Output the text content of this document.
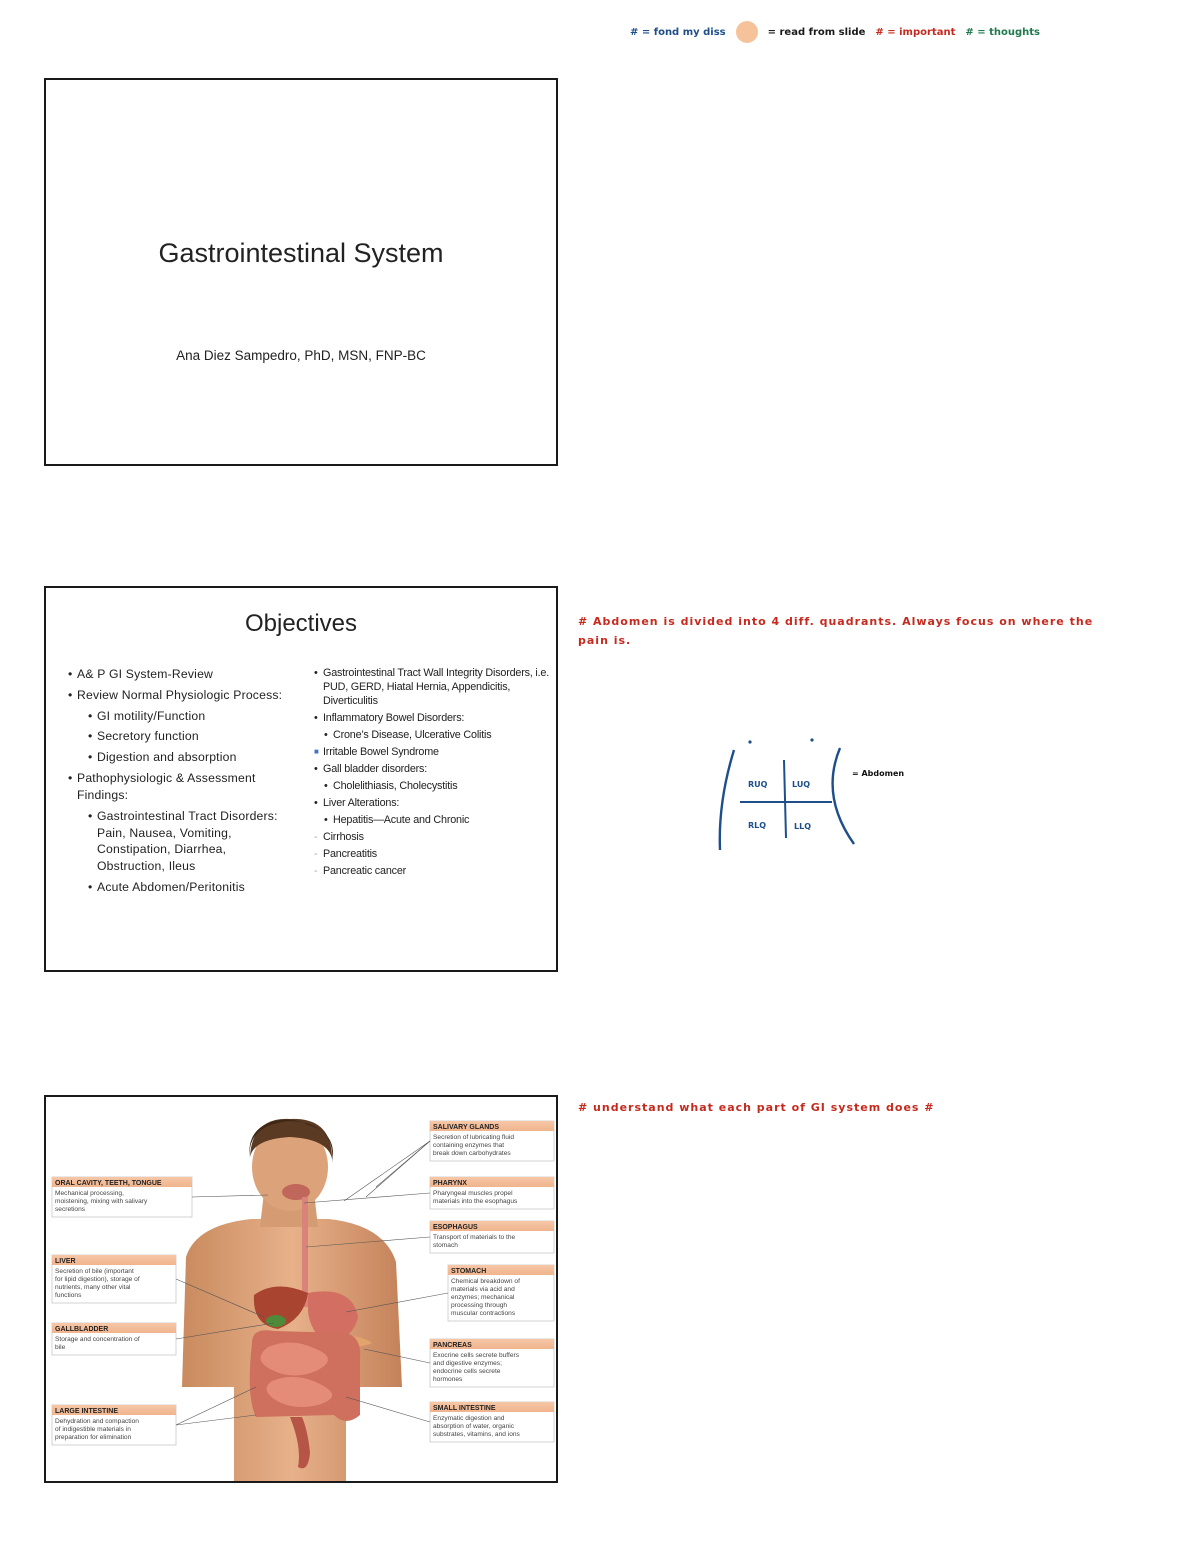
# = fond my diss	= read from slide # = important # = thoughts
Gastrointestinal System
Ana Diez Sampedro, PhD, MSN, FNP-BC
Objectives
• A& P GI System-Review
• Review Normal Physiologic Process:
• GI motility/Function
• Secretory function
• Digestion and absorption
• Pathophysiologic & Assessment Findings:
• Gastrointestinal Tract Disorders: Pain, Nausea, Vomiting, Constipation, Diarrhea, Obstruction, Ileus
• Acute Abdomen/Peritonitis
• Gastrointestinal Tract Wall Integrity Disorders, i.e. PUD, GERD, Hiatal Hernia, Appendicitis, Diverticulitis
• Inflammatory Bowel Disorders:
• Crone’s Disease, Ulcerative Colitis
■ Irritable Bowel Syndrome
• Gall bladder disorders:
• Cholelithiasis, Cholecystitis
• Liver Alterations:
• Hepatitis—Acute and Chronic
- Cirrhosis
- Pancreatitis
- Pancreatic cancer
# Abdomen is divided into 4 diff. quadrants. Always focus on where the pain is.
RUQ	LUQ
RLQ	LLQ
= Abdomen
SALIVARY GLANDS
Secretion of lubricating fluid
containing enzymes that
break down carbohydrates
PHARYNX
Pharyngeal muscles propel
materials into the esophagus
ESOPHAGUS
Transport of materials to the
stomach
STOMACH
Chemical breakdown of
materials via acid and
enzymes; mechanical
processing through
muscular contractions
PANCREAS
Exocrine cells secrete buffers
and digestive enzymes;
endocrine cells secrete
hormones
SMALL INTESTINE
Enzymatic digestion and
absorption of water, organic
substrates, vitamins, and ions
ORAL CAVITY, TEETH, TONGUE
Mechanical processing,
moistening, mixing with salivary
secretions
LIVER
Secretion of bile (important
for lipid digestion), storage of
nutrients, many other vital
functions
GALLBLADDER
Storage and concentration of
bile
LARGE INTESTINE
Dehydration and compaction
of indigestible materials in
preparation for elimination
# understand what each part of GI system does #
